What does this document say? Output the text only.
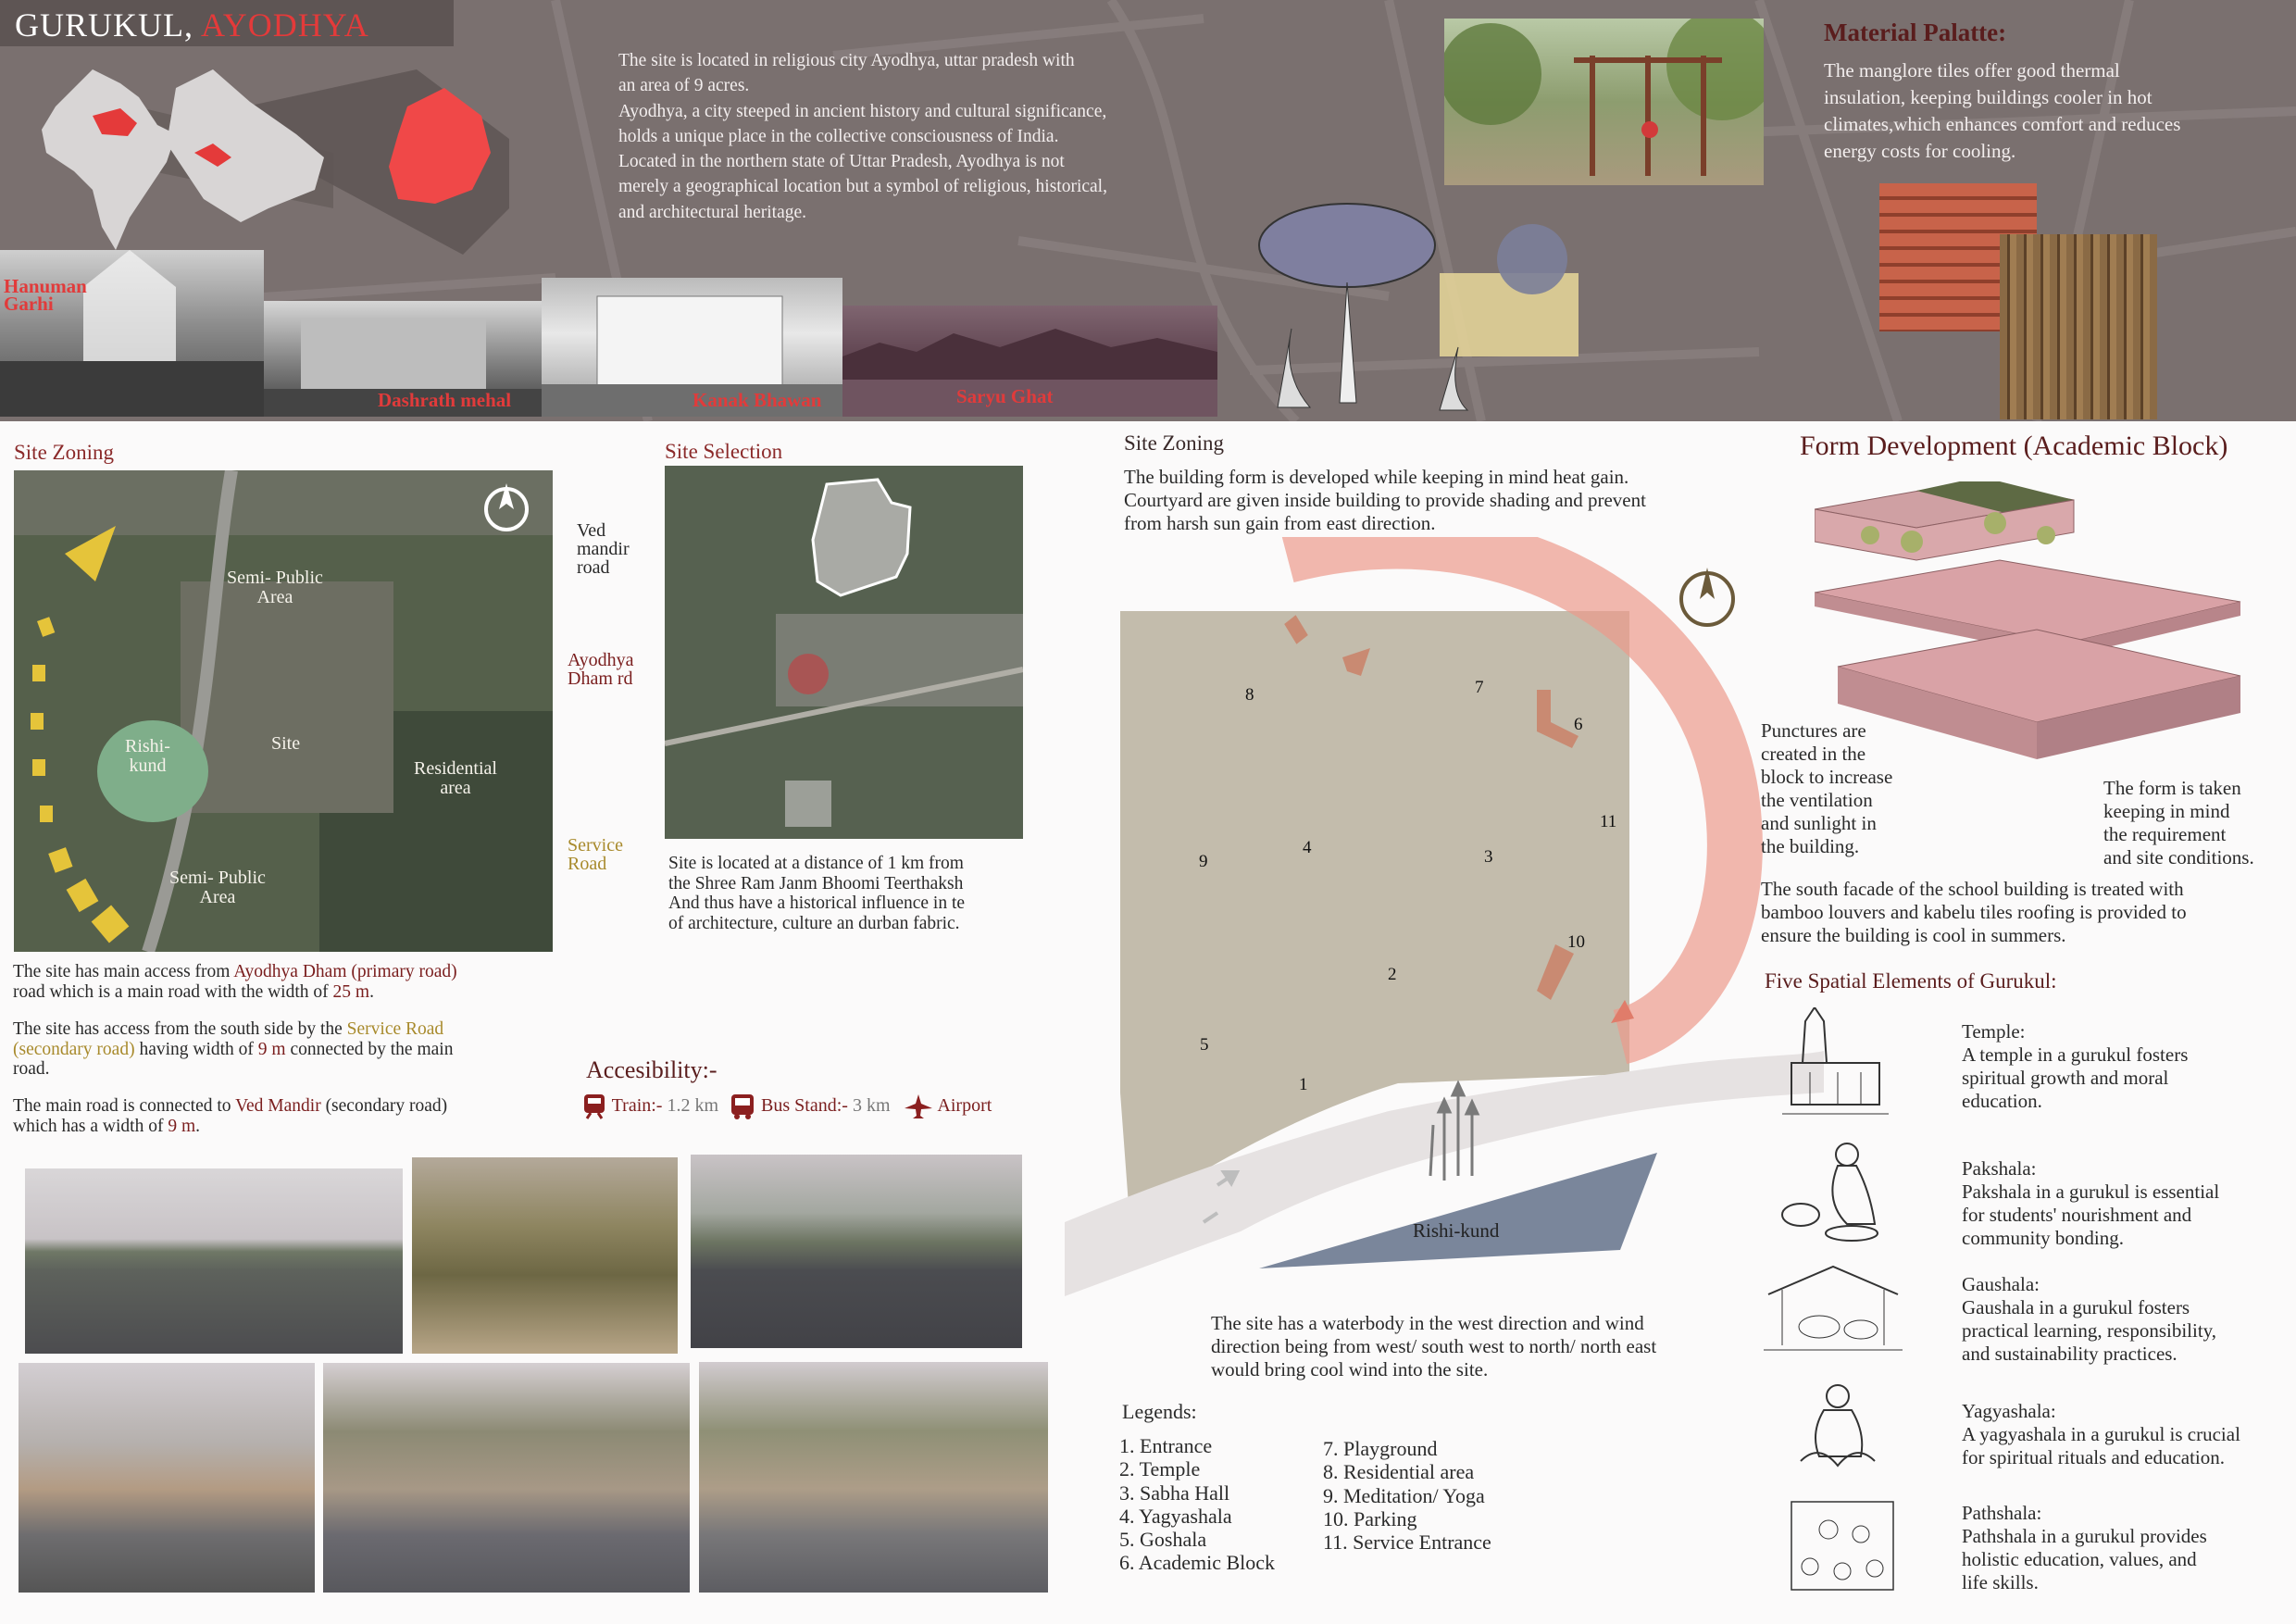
GURUKUL, AYODHYA
Hanuman
Garhi
Dashrath mehal	Kanak Bhawan	Saryu Ghat
The site is located in religious city Ayodhya, uttar pradesh with
an area of 9 acres.
Ayodhya, a city steeped in ancient history and cultural significance,
holds a unique place in the collective consciousness of India.
Located in the northern state of Uttar Pradesh, Ayodhya is not
merely a geographical location but a symbol of religious, historical,
and architectural heritage.
Material Palatte:
The manglore tiles offer good thermal
insulation, keeping buildings cooler in hot
climates,which enhances comfort and reduces
energy costs for cooling.
Site Zoning
Semi- Public
Area
Rishi-
kund
Site
Residential
area
Semi- Public
Area
Ved
mandir
road
Ayodhya
Dham rd
Service
Road
The site has main access from Ayodhya Dham (primary road)
road which is a main road with the width of 25 m.
The site has access from the south side by the Service Road
(secondary road) having width of 9 m connected by the main
road.
The main road is connected to Ved Mandir (secondary road)
which has a width of 9 m.
Site Selection
Site is located at a distance of 1 km from
the Shree Ram Janm Bhoomi Teerthaksh
And thus have a historical influence in te
of architecture, culture an durban fabric.
Accesibility:-
Train:- 1.2 km Bus Stand:- 3 km	Airport
Site Zoning
The building form is developed while keeping in mind heat gain.
Courtyard are given inside building to provide shading and prevent
from harsh sun gain from east direction.
8	7
6
11
4	3
9
10
2
5
1
Rishi-kund
The site has a waterbody in the west direction and wind
direction being from west/ south west to north/ north east
would bring cool wind into the site.
Legends:
1. Entrance
2. Temple
3. Sabha Hall
4. Yagyashala
5. Goshala
6. Academic Block
7. Playground
8. Residential area
9. Meditation/ Yoga
10. Parking
11. Service Entrance
Form Development (Academic Block)
Punctures are
created in the
block to increase
the ventilation
and sunlight in
the building.
The form is taken
keeping in mind
the requirement
and site conditions.
The south facade of the school building is treated with
bamboo louvers and kabelu tiles roofing is provided to
ensure the building is cool in summers.
Five Spatial Elements of Gurukul:
Temple:
A temple in a gurukul fosters
spiritual growth and moral
education.
Pakshala:
Pakshala in a gurukul is essential
for students' nourishment and
community bonding.
Gaushala:
Gaushala in a gurukul fosters
practical learning, responsibility,
and sustainability practices.
Yagyashala:
A yagyashala in a gurukul is crucial
for spiritual rituals and education.
Pathshala:
Pathshala in a gurukul provides
holistic education, values, and
life skills.
